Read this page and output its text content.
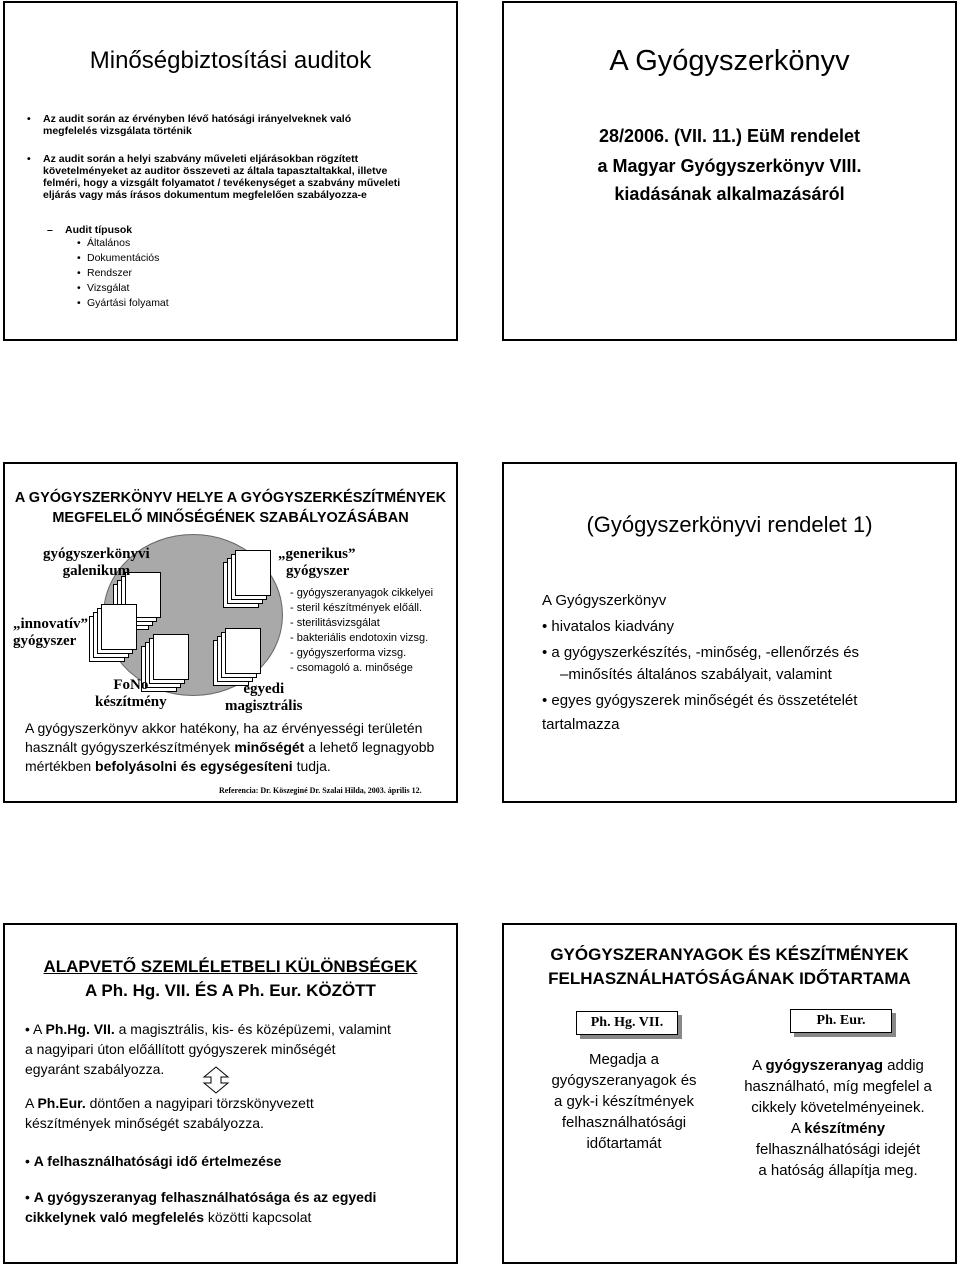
Minőségbiztosítási auditok
• Az audit során az érvényben lévő hatósági irányelveknek való megfelelés vizsgálata történik
• Az audit során a helyi szabvány műveleti eljárásokban rögzített követelményeket az auditor összeveti az általa tapasztaltakkal, illetve felméri, hogy a vizsgált folyamatot / tevékenységet a szabvány műveleti eljárás vagy más írásos dokumentum megfelelően szabályozza-e
– Audit típusok
• Általános
• Dokumentációs
• Rendszer
• Vizsgálat
• Gyártási folyamat
A Gyógyszerkönyv
28/2006. (VII. 11.) EüM rendelet
a Magyar Gyógyszerkönyv VIII.
kiadásának alkalmazásáról
A GYÓGYSZERKÖNYV HELYE A GYÓGYSZERKÉSZÍTMÉNYEK
MEGFELELŐ MINŐSÉGÉNEK SZABÁLYOZÁSÁBAN
gyógyszerkönyvi
galenikum
„generikus”
gyógyszer
„innovatív”
gyógyszer
FoNo
készítmény
egyedi
magisztrális
- gyógyszeranyagok cikkelyei
- steril készítmények előáll.
- sterilitásvizsgálat
- bakteriális endotoxin vizsg.
- gyógyszerforma vizsg.
- csomagoló a. minősége
A gyógyszerkönyv akkor hatékony, ha az érvényességi területén használt gyógyszerkészítmények minőségét a lehető legnagyobb mértékben befolyásolni és egységesíteni tudja.
Referencia: Dr. Köszeginé Dr. Szalai Hilda, 2003. április 12.
(Gyógyszerkönyvi rendelet 1)
A Gyógyszerkönyv
• hivatalos kiadvány
• a gyógyszerkészítés, -minőség, -ellenőrzés és
–minősítés általános szabályait, valamint
• egyes gyógyszerek minőségét és összetételét
tartalmazza
ALAPVETŐ SZEMLÉLETBELI KÜLÖNBSÉGEK
A Ph. Hg. VII. ÉS A Ph. Eur. KÖZÖTT
• A Ph.Hg. VII. a magisztrális, kis- és középüzemi, valamint
a nagyipari úton előállított gyógyszerek minőségét
egyaránt szabályozza.
A Ph.Eur. döntően a nagyipari törzskönyvezett
készítmények minőségét szabályozza.
• A felhasználhatósági idő értelmezése
• A gyógyszeranyag felhasználhatósága és az egyedi
cikkelynek való megfelelés közötti kapcsolat
GYÓGYSZERANYAGOK ÉS KÉSZÍTMÉNYEK
FELHASZNÁLHATÓSÁGÁNAK IDŐTARTAMA
Ph. Hg. VII.	Ph. Eur.
Megadja a
gyógyszeranyagok és
a gyk-i készítmények
felhasználhatósági
időtartamát
A gyógyszeranyag addig
használható, míg megfelel a
cikkely követelményeinek.
A készítmény
felhasználhatósági idejét
a hatóság állapítja meg.
